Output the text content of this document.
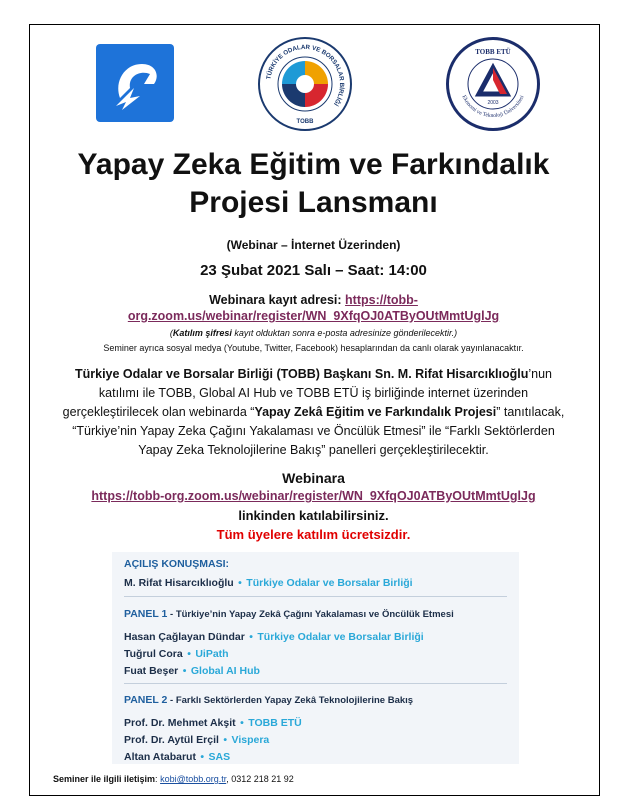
TÜRKİYE ODALAR VE BORSALAR BİRLİĞİ
TOBB
TOBB ETÜ
Ekonomi ve Teknoloji Üniversitesi
2003
Yapay Zeka Eğitim ve Farkındalık
Projesi Lansmanı
(Webinar – İnternet Üzerinden)
23 Şubat 2021 Salı – Saat: 14:00
Webinara kayıt adresi: https://tobb-
org.zoom.us/webinar/register/WN_9XfqOJ0ATByOUtMmtUglJg
(Katılım şifresi kayıt olduktan sonra e-posta adresinize gönderilecektir.)
Seminer ayrıca sosyal medya (Youtube, Twitter, Facebook) hesaplarından da canlı olarak yayınlanacaktır.
Türkiye Odalar ve Borsalar Birliği (TOBB) Başkanı Sn. M. Rifat Hisarcıklıoğlu’nun katılımı ile TOBB, Global AI Hub ve TOBB ETÜ iş birliğinde internet üzerinden gerçekleştirilecek olan webinarda “Yapay Zekâ Eğitim ve Farkındalık Projesi” tanıtılacak, “Türkiye’nin Yapay Zeka Çağını Yakalaması ve Öncülük Etmesi” ile “Farklı Sektörlerden Yapay Zeka Teknolojilerine Bakış” panelleri gerçekleştirilecektir.
Webinara
https://tobb-org.zoom.us/webinar/register/WN_9XfqOJ0ATByOUtMmtUglJg
linkinden katılabilirsiniz.
Tüm üyelere katılım ücretsizdir.
AÇILIŞ KONUŞMASI:
M. Rifat Hisarcıklıoğlu • Türkiye Odalar ve Borsalar Birliği
PANEL 1 - Türkiye’nin Yapay Zekâ Çağını Yakalaması ve Öncülük Etmesi
Hasan Çağlayan Dündar • Türkiye Odalar ve Borsalar Birliği
Tuğrul Cora • UiPath
Fuat Beşer • Global AI Hub
PANEL 2 - Farklı Sektörlerden Yapay Zekâ Teknolojilerine Bakış
Prof. Dr. Mehmet Akşit • TOBB ETÜ
Prof. Dr. Aytül Erçil • Vispera
Altan Atabarut • SAS
Seminer ile ilgili iletişim: kobi@tobb.org.tr, 0312 218 21 92
